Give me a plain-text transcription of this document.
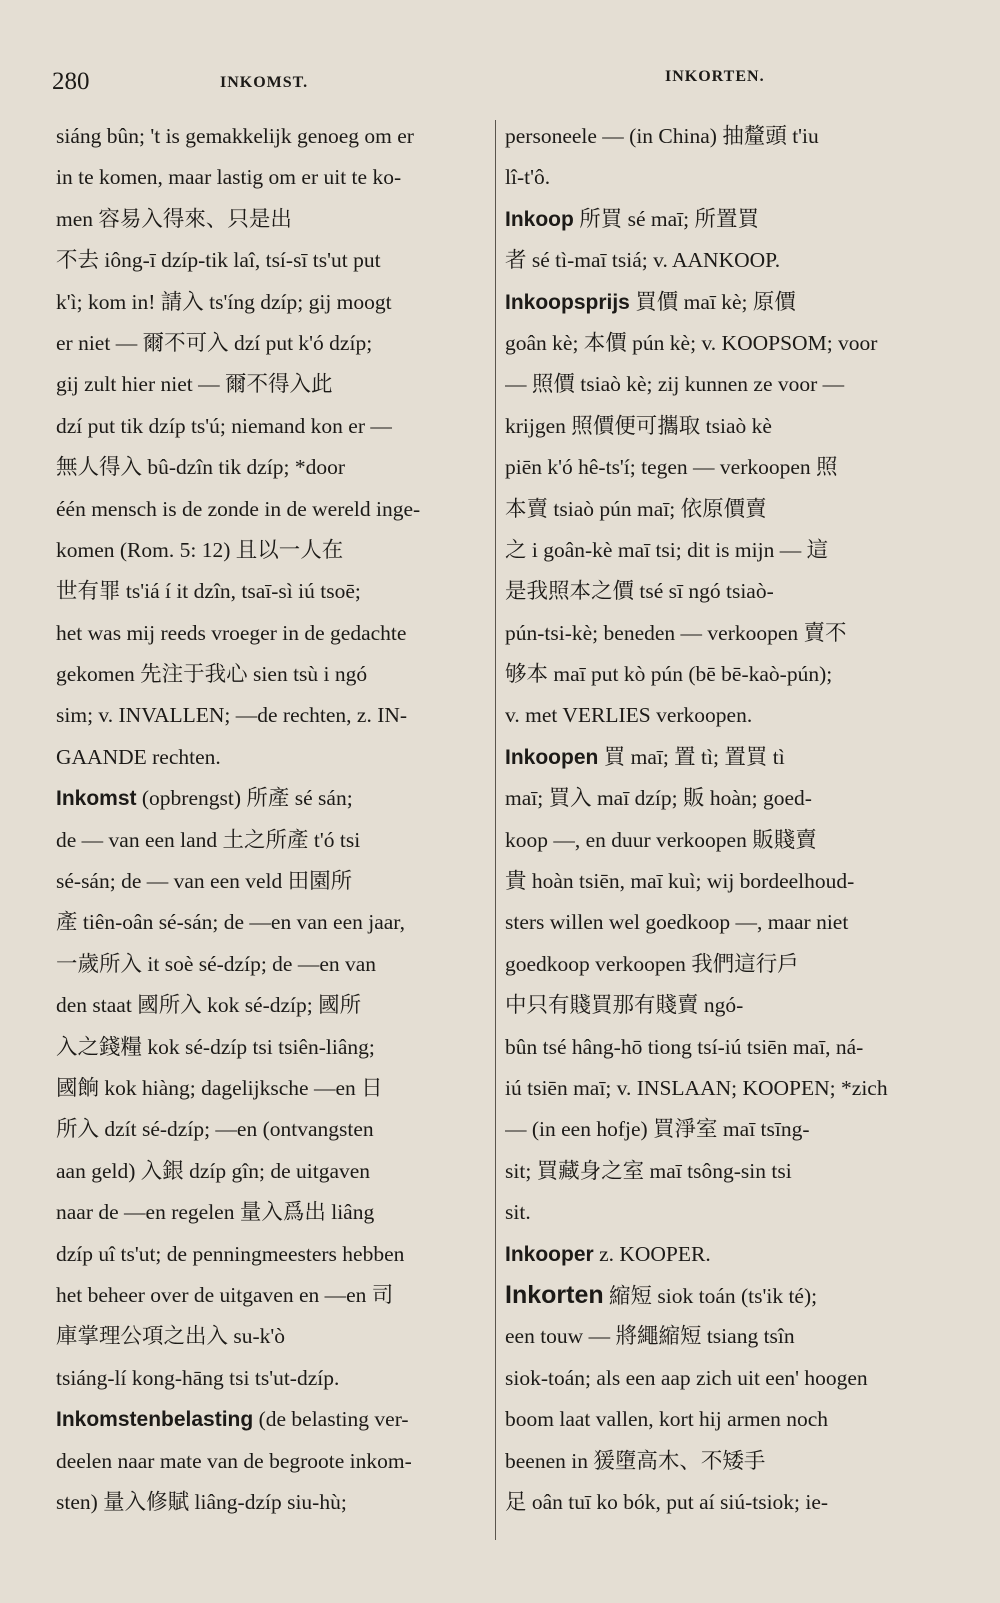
280	INKOMST.	INKORTEN.
siáng bûn; 't is gemakkelijk genoeg om er
in te komen, maar lastig om er uit te ko-
men 容易入得來、只是出
不去 iông-ī dzíp-tik laî, tsí-sī ts'ut put
k'ì; kom in! 請入 ts'íng dzíp; gij moogt
er niet — 爾不可入 dzí put k'ó dzíp;
gij zult hier niet — 爾不得入此
dzí put tik dzíp ts'ú; niemand kon er —
無人得入 bû-dzîn tik dzíp; *door
één mensch is de zonde in de wereld inge-
komen (Rom. 5: 12) 且以一人在
世有罪 ts'iá í it dzîn, tsaī-sì iú tsoē;
het was mij reeds vroeger in de gedachte
gekomen 先注于我心 sien tsù i ngó
sim; v. INVALLEN; —de rechten, z. IN-
GAANDE rechten.
Inkomst (opbrengst) 所產 sé sán;
de — van een land 土之所產 t'ó tsi
sé-sán; de — van een veld 田園所
產 tiên-oân sé-sán; de —en van een jaar,
一歲所入 it soè sé-dzíp; de —en van
den staat 國所入 kok sé-dzíp; 國所
入之錢糧 kok sé-dzíp tsi tsiên-liâng;
國餉 kok hiàng; dagelijksche —en 日
所入 dzít sé-dzíp; —en (ontvangsten
aan geld) 入銀 dzíp gîn; de uitgaven
naar de —en regelen 量入爲出 liâng
dzíp uî ts'ut; de penningmeesters hebben
het beheer over de uitgaven en —en 司
庫掌理公項之出入 su-k'ò
tsiáng-lí kong-hāng tsi ts'ut-dzíp.
Inkomstenbelasting (de belasting ver-
deelen naar mate van de begroote inkom-
sten) 量入修賦 liâng-dzíp siu-hù;
personeele — (in China) 抽釐頭 t'iu
lî-t'ô.
Inkoop 所買 sé maī; 所置買
者 sé tì-maī tsiá; v. AANKOOP.
Inkoopsprijs 買價 maī kè; 原價
goân kè; 本價 pún kè; v. KOOPSOM; voor
— 照價 tsiaò kè; zij kunnen ze voor —
krijgen 照價便可攜取 tsiaò kè
piēn k'ó hê-ts'í; tegen — verkoopen 照
本賣 tsiaò pún maī; 依原價賣
之 i goân-kè maī tsi; dit is mijn — 這
是我照本之價 tsé sī ngó tsiaò-
pún-tsi-kè; beneden — verkoopen 賣不
够本 maī put kò pún (bē bē-kaò-pún);
v. met VERLIES verkoopen.
Inkoopen 買 maī; 置 tì; 置買 tì
maī; 買入 maī dzíp; 販 hoàn; goed-
koop —, en duur verkoopen 販賤賣
貴 hoàn tsiēn, maī kuì; wij bordeelhoud-
sters willen wel goedkoop —, maar niet
goedkoop verkoopen 我們這行戶
中只有賤買那有賤賣 ngó-
bûn tsé hâng-hō tiong tsí-iú tsiēn maī, ná-
iú tsiēn maī; v. INSLAAN; KOOPEN; *zich
— (in een hofje) 買淨室 maī tsīng-
sit; 買藏身之室 maī tsông-sin tsi
sit.
Inkooper z. KOOPER.
Inkorten 縮短 siok toán (ts'ik té);
een touw — 將繩縮短 tsiang tsîn
siok-toán; als een aap zich uit een' hoogen
boom laat vallen, kort hij armen noch
beenen in 猨墮高木、不矮手
足 oân tuī ko bók, put aí siú-tsiok; ie-
